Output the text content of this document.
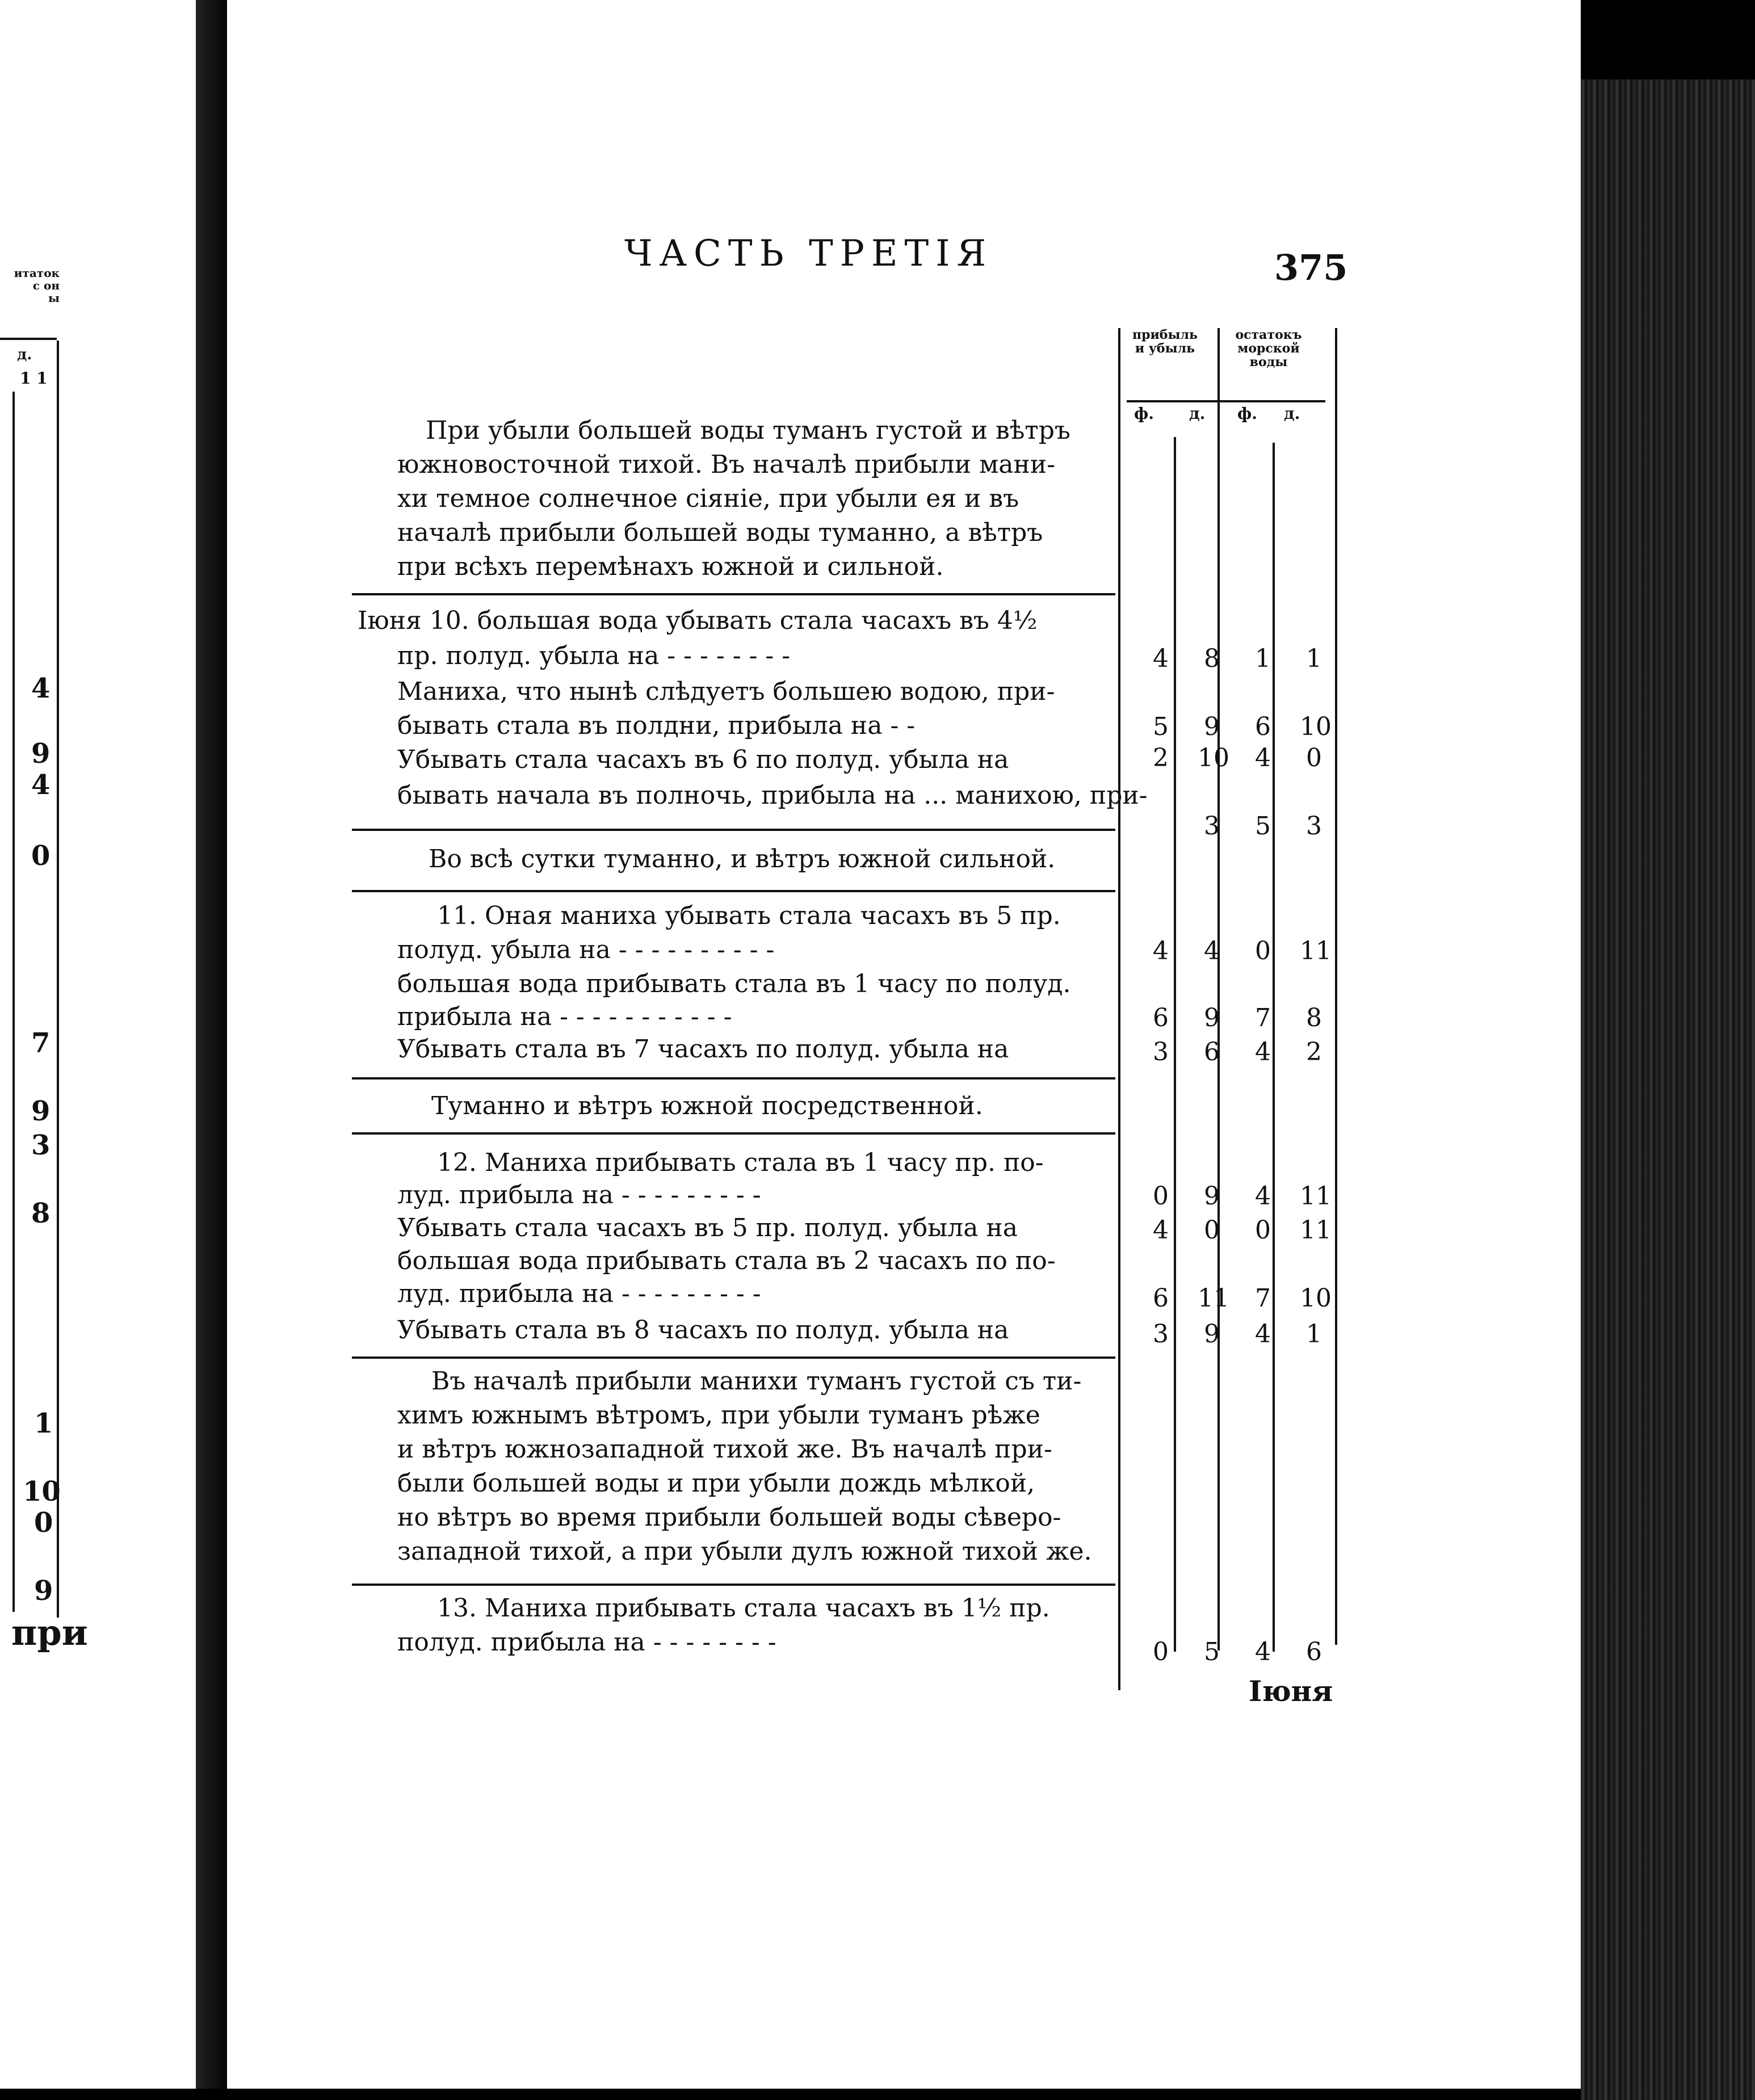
итаток
с он
ы
д.
1 1
4
9
4
0
7
9
3
8
1
10
0
9
при
ЧАСТЬ ТРЕТІЯ	375
прибыль
и убыль
остатокъ
морской
воды
ф. д. ф. д.
При убыли большей воды туманъ густой и вѣтръ
южновосточной тихой. Въ началѣ прибыли мани-
хи темное солнечное сіяніе, при убыли ея и въ
началѣ прибыли большей воды туманно, а вѣтръ
при всѣхъ перемѣнахъ южной и сильной.
Іюня 10. большая вода убывать стала часахъ въ 4½
пр. полуд. убыла на - - - - - - - -
Маниха, что нынѣ слѣдуетъ большею водою, при-
бывать стала въ полдни, прибыла на - -
Убывать стала часахъ въ 6 по полуд. убыла на
бывать начала въ полночь, прибыла на ... манихою, при-
Во всѣ сутки туманно, и вѣтръ южной сильной.
11. Оная маниха убывать стала часахъ въ 5 пр.
полуд. убыла на - - - - - - - - - -
большая вода прибывать стала въ 1 часу по полуд.
прибыла на - - - - - - - - - - -
Убывать стала въ 7 часахъ по полуд. убыла на
Туманно и вѣтръ южной посредственной.
12. Маниха прибывать стала въ 1 часу пр. по-
луд. прибыла на - - - - - - - - -
Убывать стала часахъ въ 5 пр. полуд. убыла на
большая вода прибывать стала въ 2 часахъ по по-
луд. прибыла на - - - - - - - - -
Убывать стала въ 8 часахъ по полуд. убыла на
Въ началѣ прибыли манихи туманъ густой съ ти-
химъ южнымъ вѣтромъ, при убыли туманъ рѣже
и вѣтръ южнозападной тихой же. Въ началѣ при-
были большей воды и при убыли дождь мѣлкой,
но вѣтръ во время прибыли большей воды сѣверо-
западной тихой, а при убыли дулъ южной тихой же.
13. Маниха прибывать стала часахъ въ 1½ пр.
полуд. прибыла на - - - - - - - -
4 8 1 1
5 9 6 10
2 10 4 0
3 5 3
4 4 0 11
6 9 7 8
3 6 4 2
0 9 4 11
4 0 0 11
6 11 7 10
3 9 4 1
0 5 4 6
Іюня
